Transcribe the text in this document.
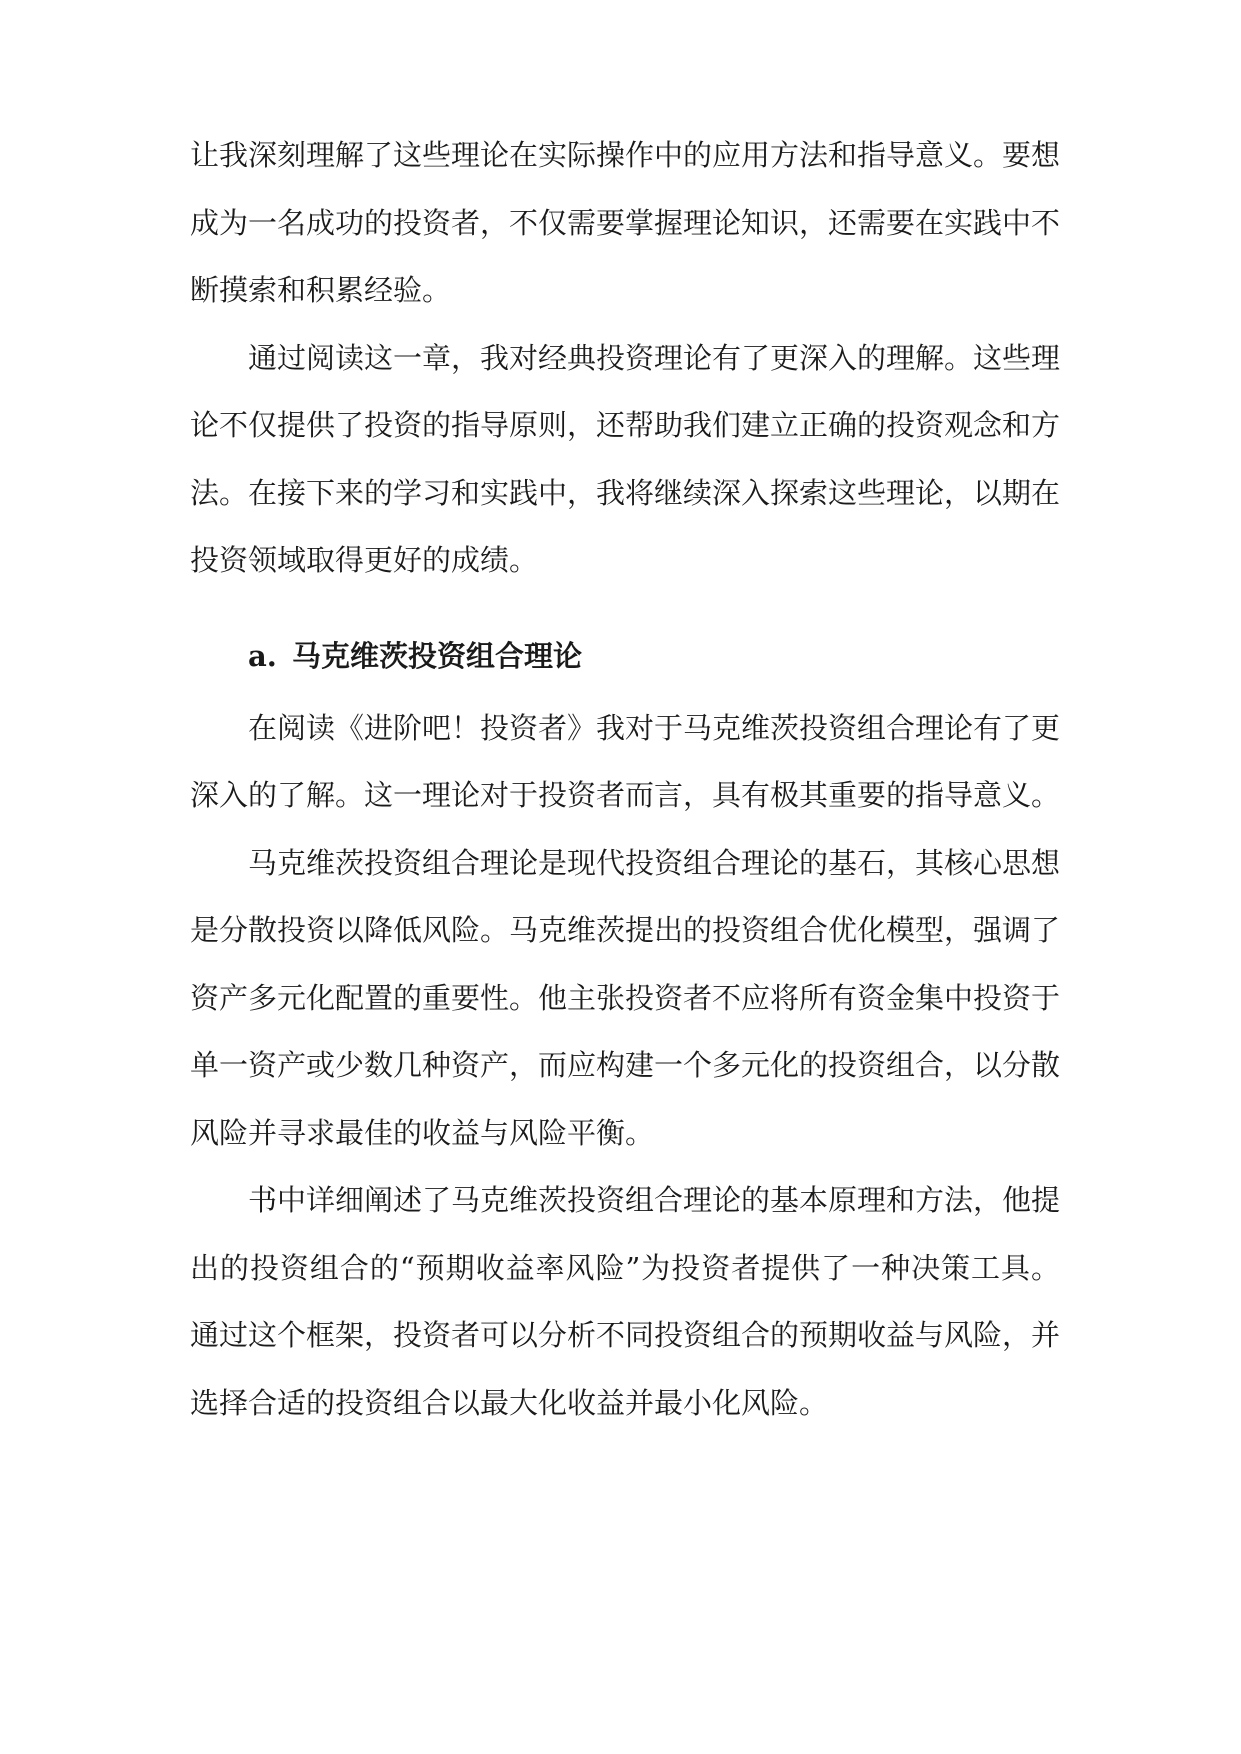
让我深刻理解了这些理论在实际操作中的应用方法和指导意义。要想
成为一名成功的投资者，不仅需要掌握理论知识，还需要在实践中不
断摸索和积累经验。
通过阅读这一章，我对经典投资理论有了更深入的理解。这些理
论不仅提供了投资的指导原则，还帮助我们建立正确的投资观念和方
法。在接下来的学习和实践中，我将继续深入探索这些理论，以期在
投资领域取得更好的成绩。
a. 马克维茨投资组合理论
在阅读《进阶吧！投资者》我对于马克维茨投资组合理论有了更
深入的了解。这一理论对于投资者而言，具有极其重要的指导意义。
马克维茨投资组合理论是现代投资组合理论的基石，其核心思想
是分散投资以降低风险。马克维茨提出的投资组合优化模型，强调了
资产多元化配置的重要性。他主张投资者不应将所有资金集中投资于
单一资产或少数几种资产，而应构建一个多元化的投资组合，以分散
风险并寻求最佳的收益与风险平衡。
书中详细阐述了马克维茨投资组合理论的基本原理和方法，他提
出的投资组合的“预期收益率风险”为投资者提供了一种决策工具。
通过这个框架，投资者可以分析不同投资组合的预期收益与风险，并
选择合适的投资组合以最大化收益并最小化风险。
